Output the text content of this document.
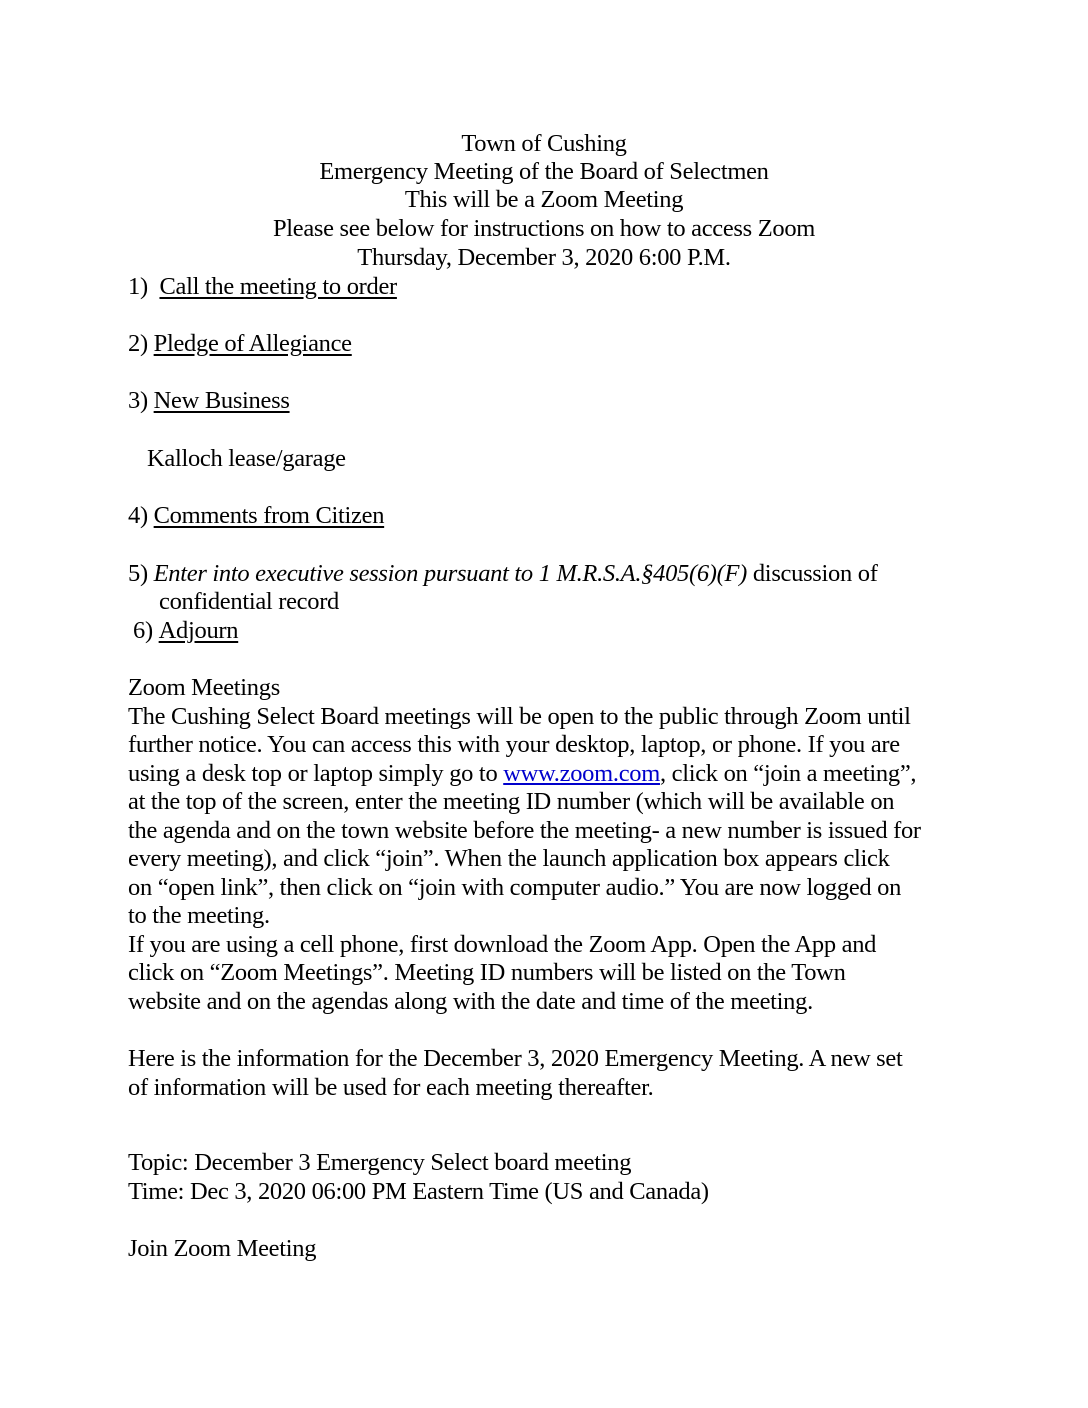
Town of Cushing
Emergency Meeting of the Board of Selectmen
This will be a Zoom Meeting
Please see below for instructions on how to access Zoom
Thursday, December 3, 2020 6:00 P.M.
1) Call the meeting to order
2) Pledge of Allegiance
3) New Business
Kalloch lease/garage
4) Comments from Citizen
5) Enter into executive session pursuant to 1 M.R.S.A.§405(6)(F) discussion of
confidential record
6) Adjourn
Zoom Meetings
The Cushing Select Board meetings will be open to the public through Zoom until
further notice. You can access this with your desktop, laptop, or phone. If you are
using a desk top or laptop simply go to www.zoom.com, click on “join a meeting”,
at the top of the screen, enter the meeting ID number (which will be available on
the agenda and on the town website before the meeting- a new number is issued for
every meeting), and click “join”. When the launch application box appears click
on “open link”, then click on “join with computer audio.” You are now logged on
to the meeting.
If you are using a cell phone, first download the Zoom App. Open the App and
click on “Zoom Meetings”. Meeting ID numbers will be listed on the Town
website and on the agendas along with the date and time of the meeting.
Here is the information for the December 3, 2020 Emergency Meeting. A new set
of information will be used for each meeting thereafter.
Topic: December 3 Emergency Select board meeting
Time: Dec 3, 2020 06:00 PM Eastern Time (US and Canada)
Join Zoom Meeting
